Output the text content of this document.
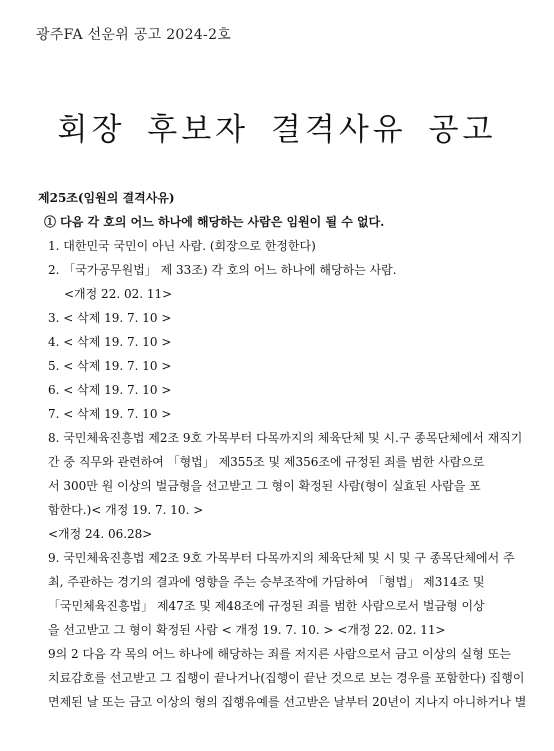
광주FA 선운위 공고 2024-2호
회장 후보자 결격사유 공고
제25조(임원의 결격사유)
① 다음 각 호의 어느 하나에 해당하는 사람은 임원이 될 수 없다.
1. 대한민국 국민이 아닌 사람. (회장으로 한정한다)
2. 「국가공무원법」 제 33조) 각 호의 어느 하나에 해당하는 사람.
<개정 22. 02. 11>
3. < 삭제 19. 7. 10 >
4. < 삭제 19. 7. 10 >
5. < 삭제 19. 7. 10 >
6. < 삭제 19. 7. 10 >
7. < 삭제 19. 7. 10 >
8. 국민체육진흥법 제2조 9호 가목부터 다목까지의 체육단체 및 시.구 종목단체에서 재직기
간 중 직무와 관련하여 「형법」 제355조 및 제356조에 규정된 죄를 범한 사람으로
서 300만 원 이상의 벌금형을 선고받고 그 형이 확정된 사람(형이 실효된 사람을 포
함한다.)< 개정 19. 7. 10. >
<개정 24. 06.28>
9. 국민체육진흥법 제2조 9호 가목부터 다목까지의 체육단체 및 시 및 구 종목단체에서 주
최, 주관하는 경기의 결과에 영향을 주는 승부조작에 가담하여 「형법」 제314조 및
「국민체육진흥법」 제47조 및 제48조에 규정된 죄를 범한 사람으로서 벌금형 이상
을 선고받고 그 형이 확정된 사람 < 개정 19. 7. 10. > <개정 22. 02. 11>
9의 2 다음 각 목의 어느 하나에 해당하는 죄를 저지른 사람으로서 금고 이상의 실형 또는
치료감호를 선고받고 그 집행이 끝나거나(집행이 끝난 것으로 보는 경우를 포함한다) 집행이
면제된 날 또는 금고 이상의 형의 집행유예를 선고받은 날부터 20년이 지나지 아니하거나 별
